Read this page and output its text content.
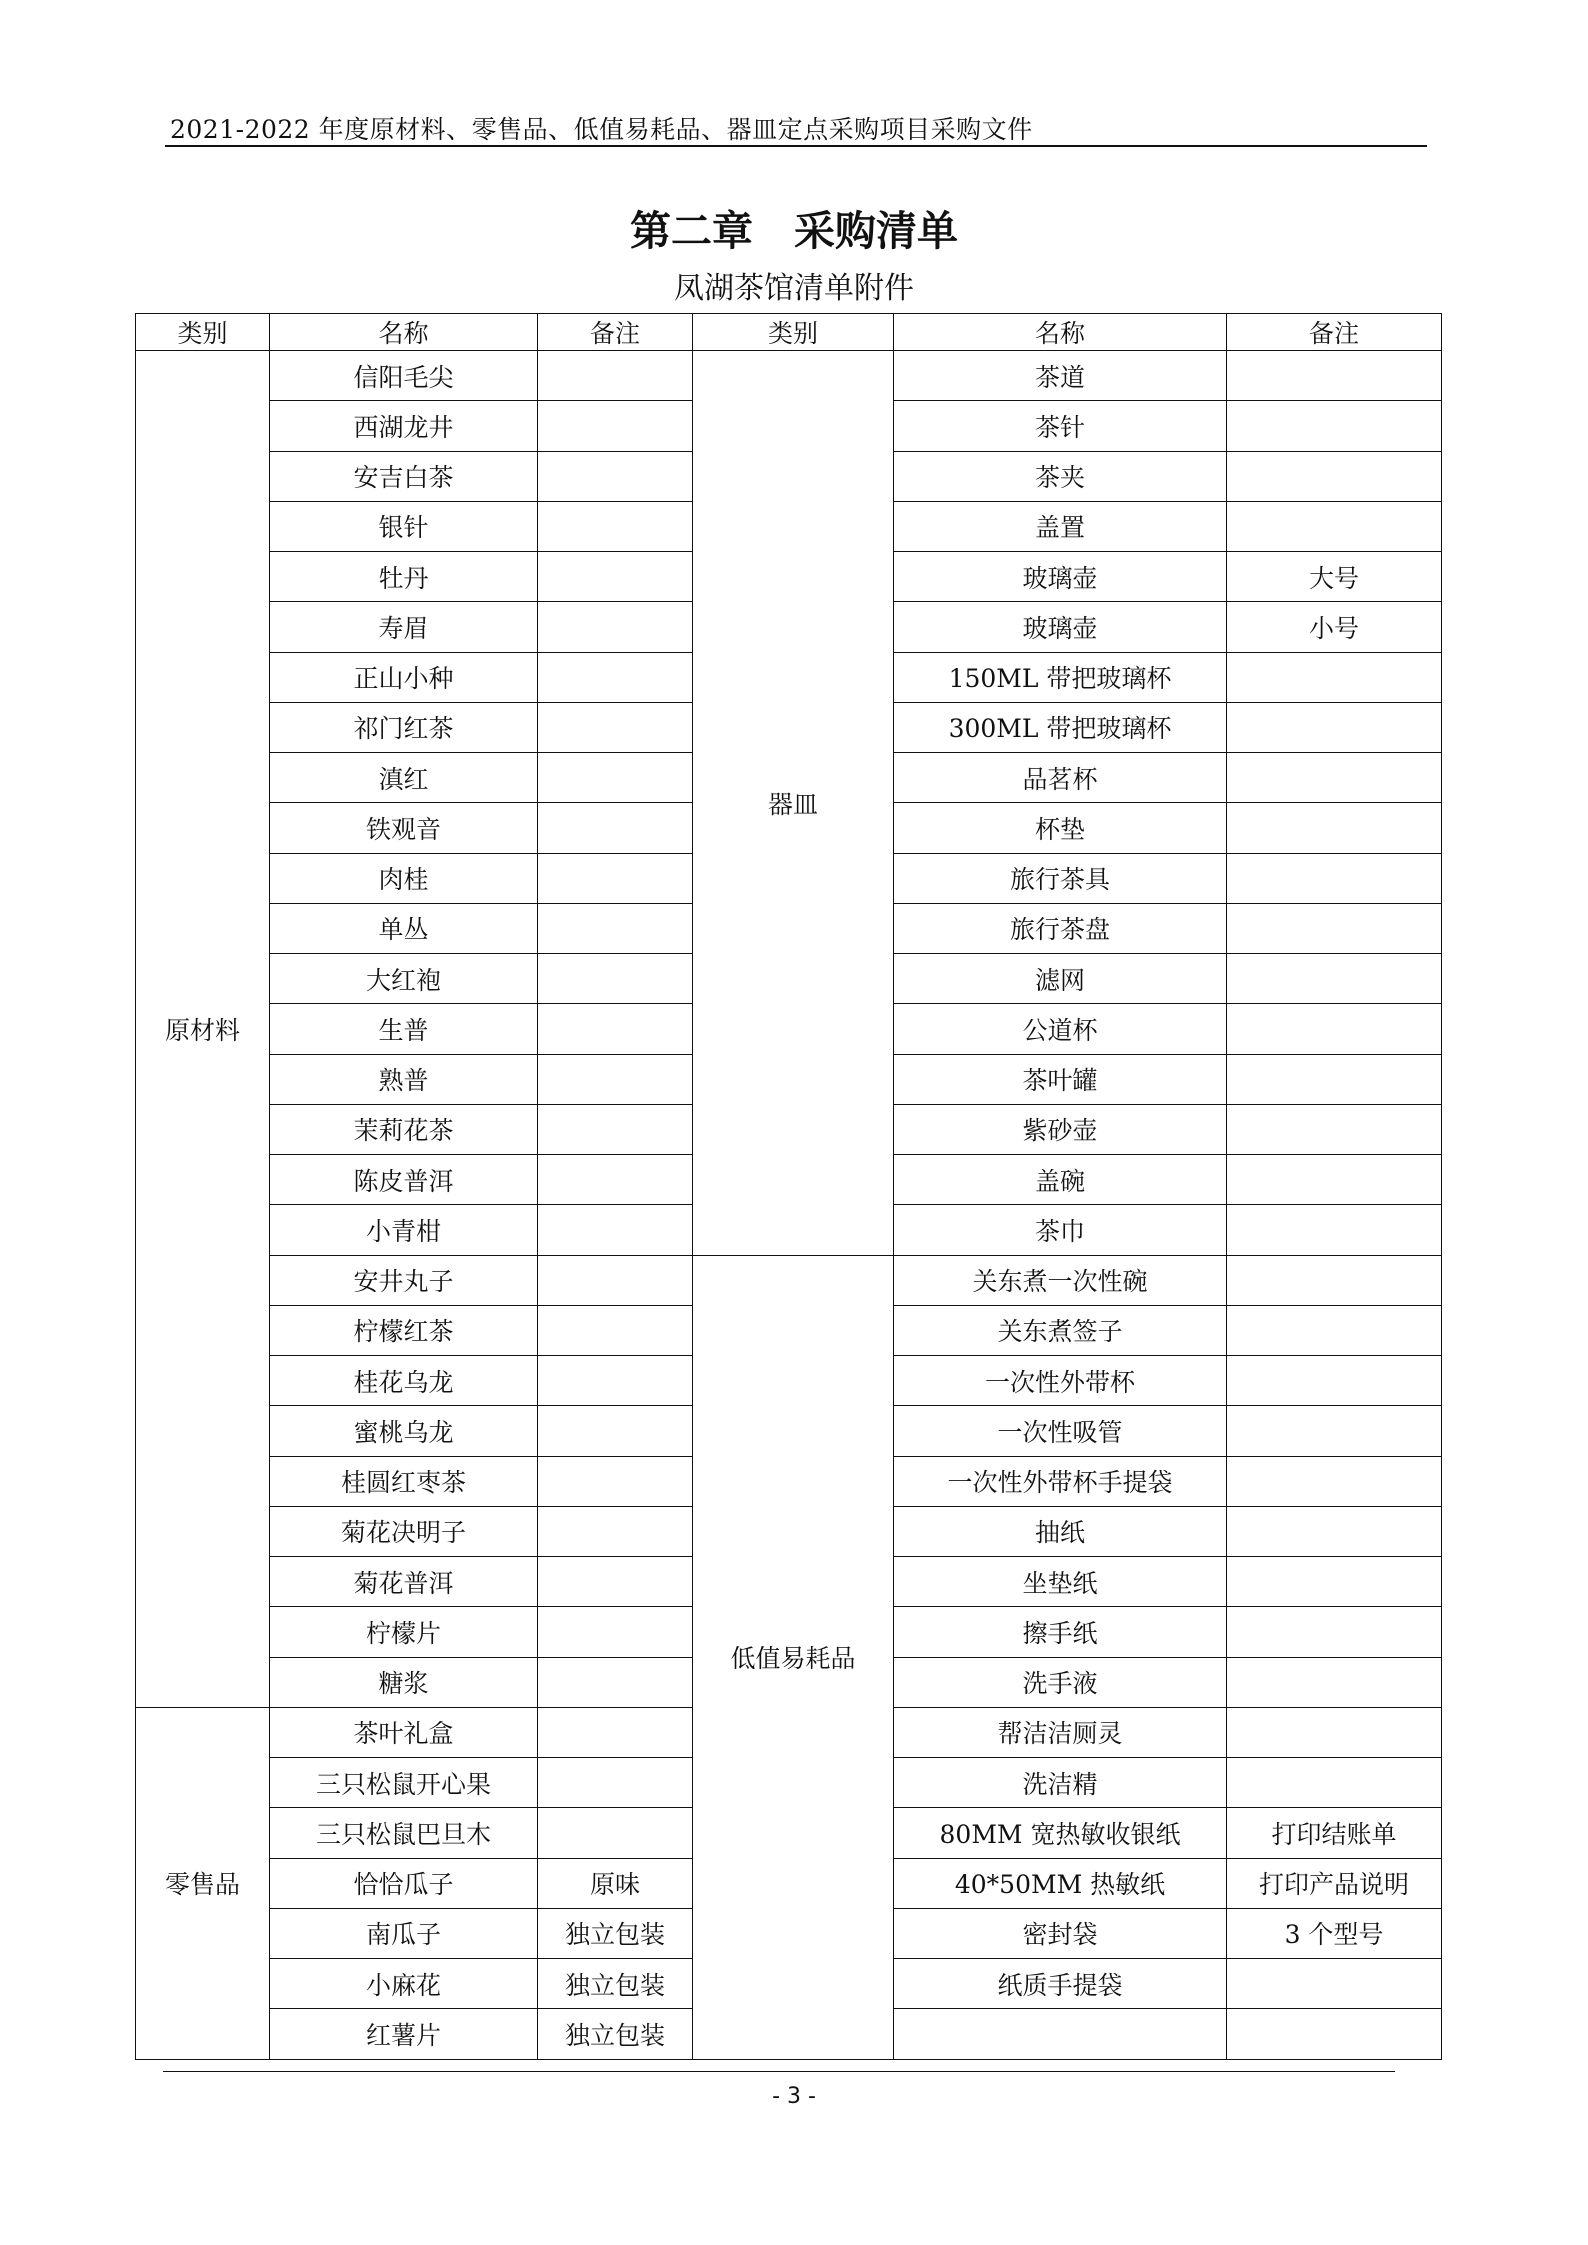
2021-2022 年度原材料、零售品、低值易耗品、器皿定点采购项目采购文件
第二章　采购清单
凤湖茶馆清单附件
类别	名称	备注	类别	名称	备注
原材料	信阳毛尖		器皿	茶道	
	西湖龙井			茶针	
	安吉白茶			茶夹	
	银针			盖置	
	牡丹			玻璃壶	大号
	寿眉			玻璃壶	小号
	正山小种			150ML 带把玻璃杯	
	祁门红茶			300ML 带把玻璃杯	
	滇红			品茗杯	
	铁观音			杯垫	
	肉桂			旅行茶具	
	单丛			旅行茶盘	
	大红袍			滤网	
	生普			公道杯	
	熟普			茶叶罐	
	茉莉花茶			紫砂壶	
	陈皮普洱			盖碗	
	小青柑			茶巾	
	安井丸子		低值易耗品	关东煮一次性碗	
	柠檬红茶			关东煮签子	
	桂花乌龙			一次性外带杯	
	蜜桃乌龙			一次性吸管	
	桂圆红枣茶			一次性外带杯手提袋	
	菊花决明子			抽纸	
	菊花普洱			坐垫纸	
	柠檬片			擦手纸	
	糖浆			洗手液	
零售品	茶叶礼盒			帮洁洁厕灵	
	三只松鼠开心果			洗洁精	
	三只松鼠巴旦木			80MM 宽热敏收银纸	打印结账单
	恰恰瓜子	原味		40*50MM 热敏纸	打印产品说明
	南瓜子	独立包装		密封袋	3 个型号
	小麻花	独立包装		纸质手提袋	
	红薯片	独立包装			
- 3 -
